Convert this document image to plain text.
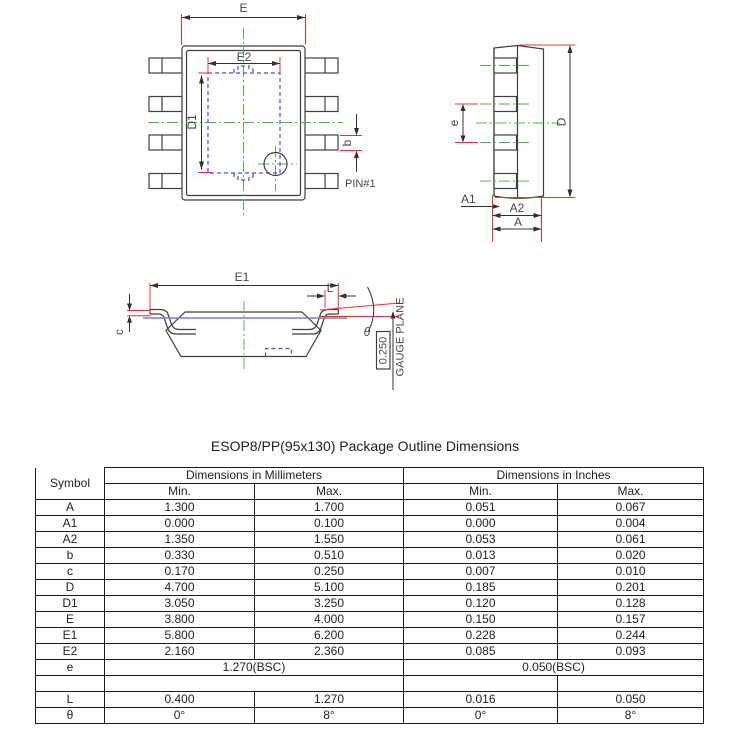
E
E2
D1
b
PIN#1
e	D
A1
A2
A
E1
L
c	θ
0.250 GAUGE PLANE
ESOP8/PP(95x130) Package Outline Dimensions
Symbol	Dimensions in Millimeters		Dimensions in Inches	
	Min.	Max.	Min.	Max.
A	1.300	1.700	0.051	0.067
A1	0.000	0.100	0.000	0.004
A2	1.350	1.550	0.053	0.061
b	0.330	0.510	0.013	0.020
c	0.170	0.250	0.007	0.010
D	4.700	5.100	0.185	0.201
D1	3.050	3.250	0.120	0.128
E	3.800	4.000	0.150	0.157
E1	5.800	6.200	0.228	0.244
E2	2.160	2.360	0.085	0.093
e	1.270(BSC)		0.050(BSC)	

L	0.400	1.270	0.016	0.050
θ	0°	8°	0°	8°
